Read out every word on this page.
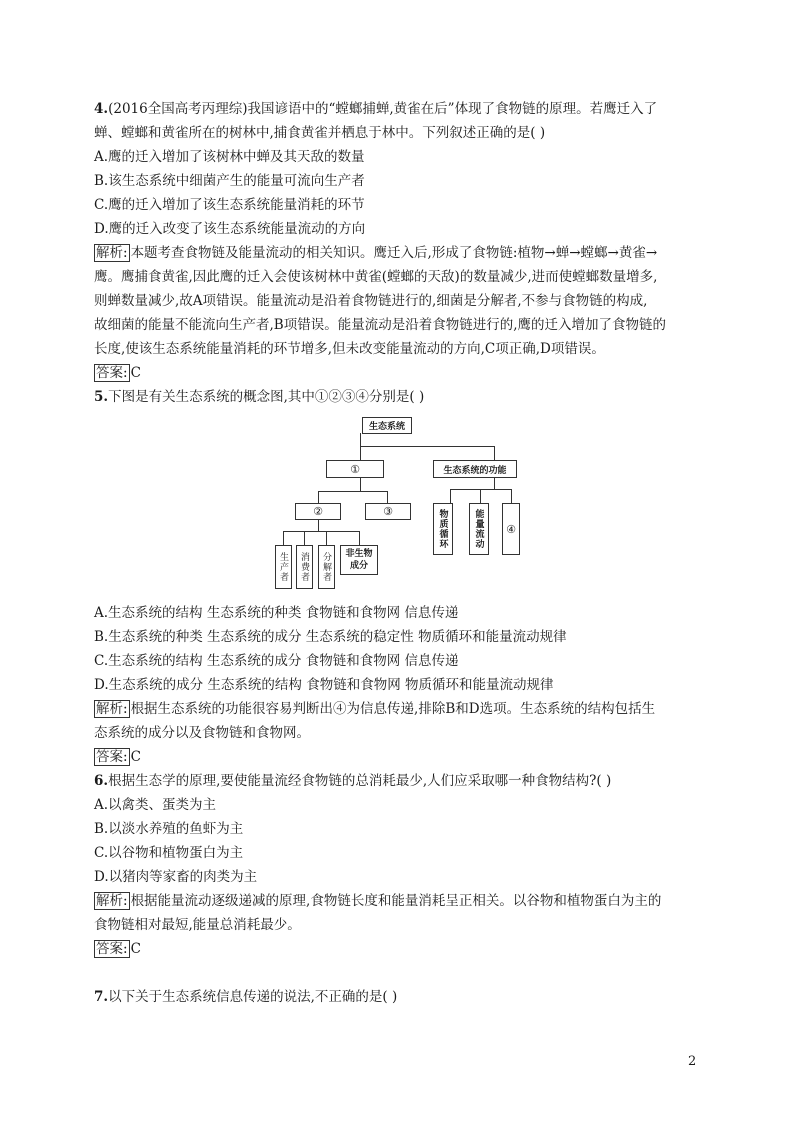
4.(2016全国高考丙理综)我国谚语中的“螳螂捕蝉,黄雀在后”体现了食物链的原理。若鹰迁入了
蝉、螳螂和黄雀所在的树林中,捕食黄雀并栖息于林中。下列叙述正确的是( )
A.鹰的迁入增加了该树林中蝉及其天敌的数量
B.该生态系统中细菌产生的能量可流向生产者
C.鹰的迁入增加了该生态系统能量消耗的环节
D.鹰的迁入改变了该生态系统能量流动的方向
解析: 本题考查食物链及能量流动的相关知识。鹰迁入后,形成了食物链:植物→蝉→螳螂→黄雀→
鹰。鹰捕食黄雀,因此鹰的迁入会使该树林中黄雀(螳螂的天敌)的数量减少,进而使螳螂数量增多,
则蝉数量减少,故A项错误。能量流动是沿着食物链进行的,细菌是分解者,不参与食物链的构成,
故细菌的能量不能流向生产者,B项错误。能量流动是沿着食物链进行的,鹰的迁入增加了食物链的
长度,使该生态系统能量消耗的环节增多,但未改变能量流动的方向,C项正确,D项错误。
答案: C
5.下图是有关生态系统的概念图,其中①②③④分别是( )
生态系统
①	生态系统的功能
②	③
生产者	消费者	分解者	非生物成分
物质循环	能量流动	④
A.生态系统的结构 生态系统的种类 食物链和食物网 信息传递
B.生态系统的种类 生态系统的成分 生态系统的稳定性 物质循环和能量流动规律
C.生态系统的结构 生态系统的成分 食物链和食物网 信息传递
D.生态系统的成分 生态系统的结构 食物链和食物网 物质循环和能量流动规律
解析: 根据生态系统的功能很容易判断出④为信息传递,排除B和D选项。生态系统的结构包括生
态系统的成分以及食物链和食物网。
答案: C
6.根据生态学的原理,要使能量流经食物链的总消耗最少,人们应采取哪一种食物结构?( )
A.以禽类、蛋类为主
B.以淡水养殖的鱼虾为主
C.以谷物和植物蛋白为主
D.以猪肉等家畜的肉类为主
解析: 根据能量流动逐级递减的原理,食物链长度和能量消耗呈正相关。以谷物和植物蛋白为主的
食物链相对最短,能量总消耗最少。
答案: C
7.以下关于生态系统信息传递的说法,不正确的是( )
2
